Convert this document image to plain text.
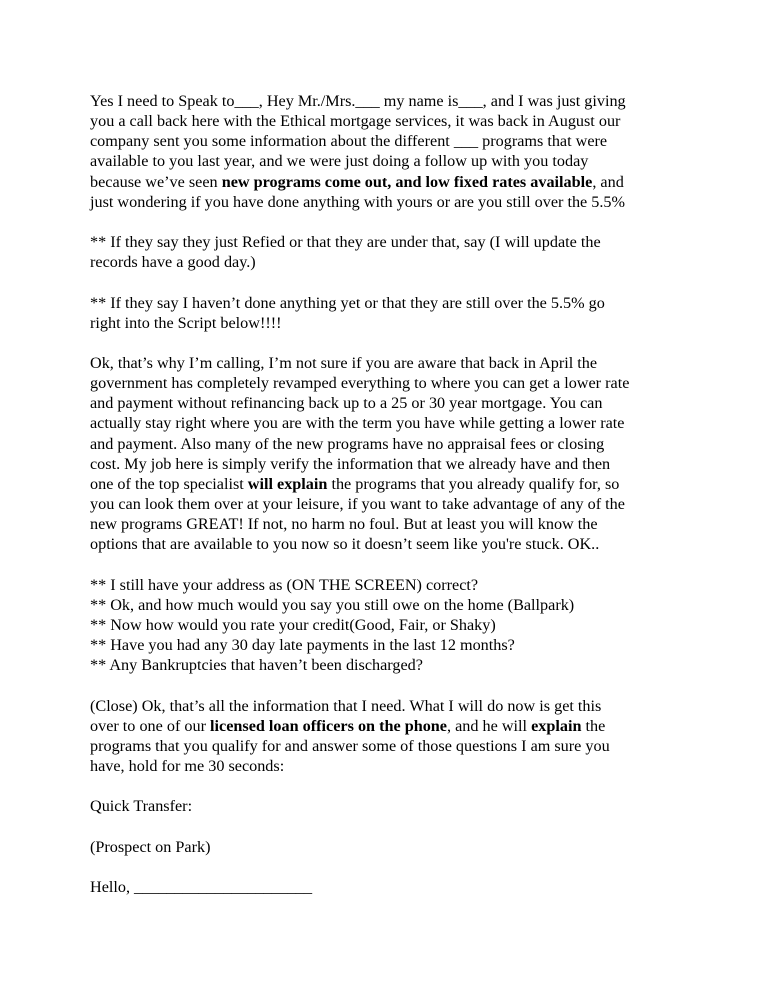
Yes I need to Speak to___, Hey Mr./Mrs.___ my name is___, and I was just giving
you a call back here with the Ethical mortgage services, it was back in August our
company sent you some information about the different ___ programs that were
available to you last year, and we were just doing a follow up with you today
because we’ve seen new programs come out, and low fixed rates available, and
just wondering if you have done anything with yours or are you still over the 5.5%

** If they say they just Refied or that they are under that, say (I will update the
records have a good day.)

** If they say I haven’t done anything yet or that they are still over the 5.5% go
right into the Script below!!!!

Ok, that’s why I’m calling, I’m not sure if you are aware that back in April the
government has completely revamped everything to where you can get a lower rate
and payment without refinancing back up to a 25 or 30 year mortgage. You can
actually stay right where you are with the term you have while getting a lower rate
and payment. Also many of the new programs have no appraisal fees or closing
cost. My job here is simply verify the information that we already have and then
one of the top specialist will explain the programs that you already qualify for, so
you can look them over at your leisure, if you want to take advantage of any of the
new programs GREAT! If not, no harm no foul. But at least you will know the
options that are available to you now so it doesn’t seem like you're stuck. OK..

** I still have your address as (ON THE SCREEN) correct?
** Ok, and how much would you say you still owe on the home (Ballpark)
** Now how would you rate your credit(Good, Fair, or Shaky)
** Have you had any 30 day late payments in the last 12 months?
** Any Bankruptcies that haven’t been discharged?

(Close) Ok, that’s all the information that I need. What I will do now is get this
over to one of our licensed loan officers on the phone, and he will explain the
programs that you qualify for and answer some of those questions I am sure you
have, hold for me 30 seconds:

Quick Transfer:

(Prospect on Park)

Hello, ______________________
